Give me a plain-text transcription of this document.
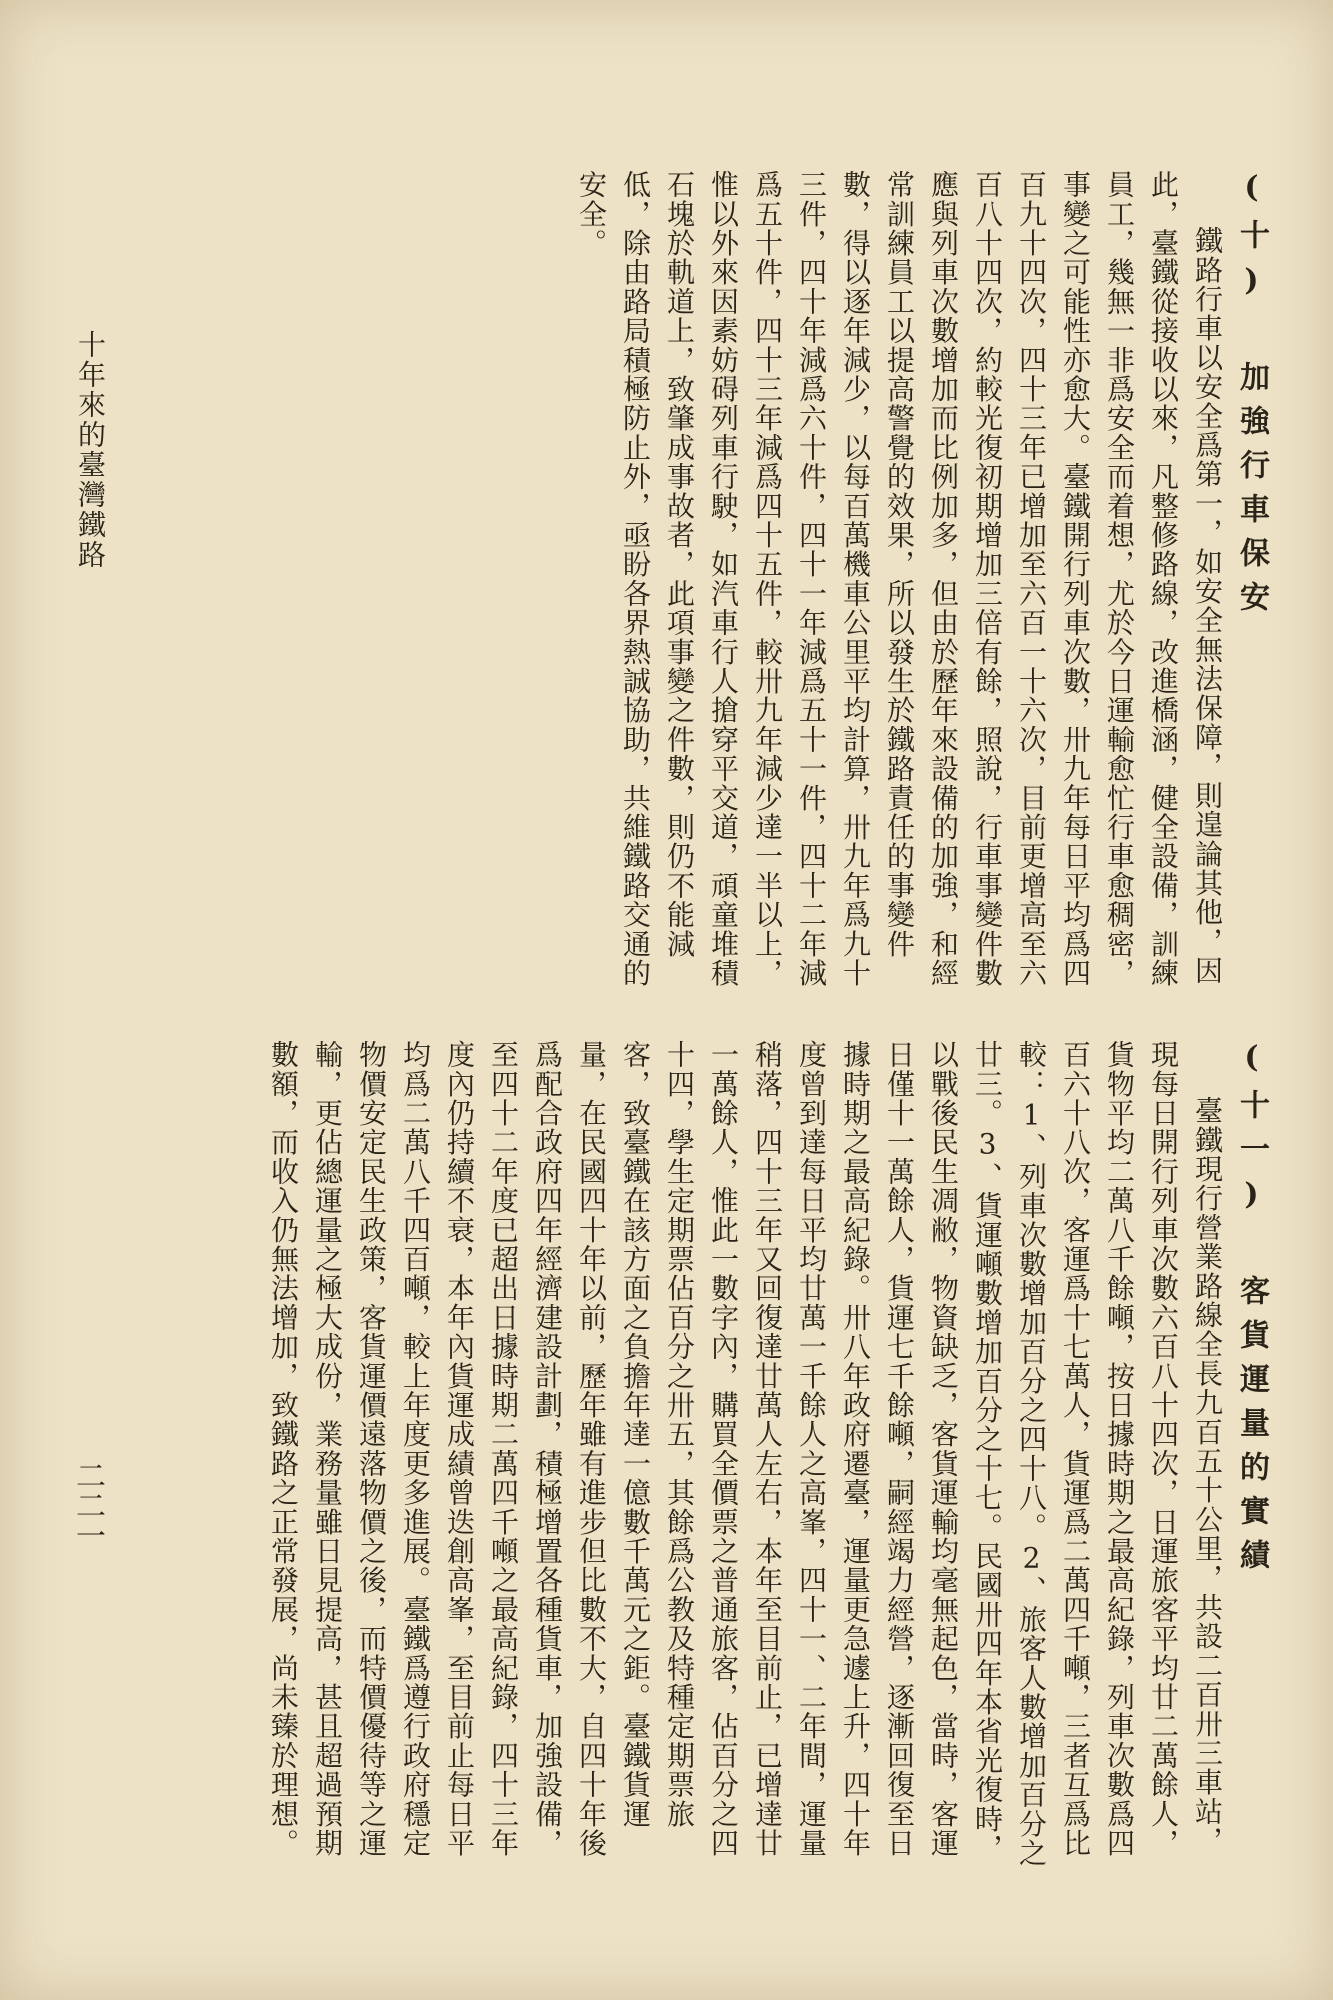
(十) 加強行車保安

鐵路行車以安全爲第一，如安全無法保障，則遑論其他，因此，臺鐵從接收以來，凡整修路線，改進橋涵，健全設備，訓練員工，幾無一非爲安全而着想，尤於今日運輸愈忙行車愈稠密，事變之可能性亦愈大。臺鐵開行列車次數，卅九年每日平均爲四百九十四次，四十三年已增加至六百一十六次，目前更增高至六百八十四次，約較光復初期增加三倍有餘，照說，行車事變件數應與列車次數增加而比例加多，但由於歷年來設備的加強，和經常訓練員工以提高警覺的效果，所以發生於鐵路責任的事變件數，得以逐年減少，以每百萬機車公里平均計算，卅九年爲九十三件，四十年減爲六十件，四十一年減爲五十一件，四十二年減爲五十件，四十三年減爲四十五件，較卅九年減少達一半以上，惟以外來因素妨碍列車行駛，如汽車行人搶穿平交道，頑童堆積石塊於軌道上，致肇成事故者，此項事變之件數，則仍不能減低，除由路局積極防止外，亟盼各界熱誠協助，共維鐵路交通的安全。

(十一) 客貨運量的實績

臺鐵現行營業路線全長九百五十公里，共設二百卅三車站，現每日開行列車次數六百八十四次，日運旅客平均廿二萬餘人，貨物平均二萬八千餘噸，按日據時期之最高紀錄，列車次數爲四百六十八次，客運爲十七萬人，貨運爲二萬四千噸，三者互爲比較：1、列車次數增加百分之四十八。2、旅客人數增加百分之廿三。3、貨運噸數增加百分之十七。民國卅四年本省光復時，以戰後民生凋敝，物資缺乏，客貨運輸均毫無起色，當時，客運日僅十一萬餘人，貨運七千餘噸，嗣經竭力經營，逐漸回復至日據時期之最高紀錄。卅八年政府遷臺，運量更急遽上升，四十年度曾到達每日平均廿萬一千餘人之高峯，四十一、二年間，運量稍落，四十三年又回復達廿萬人左右，本年至目前止，已增達廿一萬餘人，惟此一數字內，購買全價票之普通旅客，佔百分之四十四，學生定期票佔百分之卅五，其餘爲公教及特種定期票旅客，致臺鐵在該方面之負擔年達一億數千萬元之鉅。臺鐵貨運量，在民國四十年以前，歷年雖有進步但比數不大，自四十年後爲配合政府四年經濟建設計劃，積極增置各種貨車，加強設備，至四十二年度已超出日據時期二萬四千噸之最高紀錄，四十三年度內仍持續不衰，本年內貨運成績曾迭創高峯，至目前止每日平均爲二萬八千四百噸，較上年度更多進展。臺鐵爲遵行政府穩定物價安定民生政策，客貨運價遠落物價之後，而特價優待等之運輸，更佔總運量之極大成份，業務量雖日見提高，甚且超過預期數額，而收入仍無法增加，致鐵路之正常發展，尚未臻於理想。

十年來的臺灣鐵路
二二一
